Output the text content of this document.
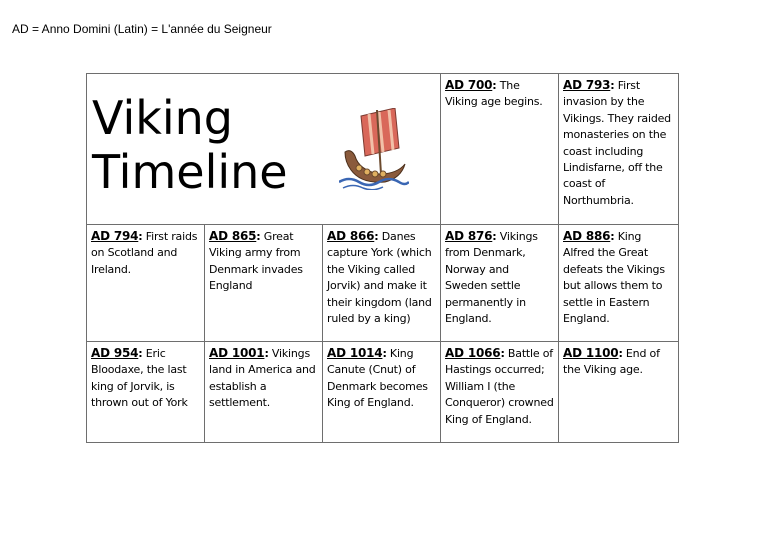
AD = Anno Domini (Latin) = L'année du Seigneur
Viking
Timeline			AD 700: The Viking age begins.	AD 793: First invasion by the Vikings. They raided monasteries on the coast including Lindisfarne, off the coast of Northumbria.
AD 794: First raids on Scotland and Ireland.	AD 865: Great Viking army from Denmark invades England	AD 866: Danes capture York (which the Viking called Jorvik) and make it their kingdom (land ruled by a king)	AD 876: Vikings from Denmark, Norway and Sweden settle permanently in England.	AD 886: King Alfred the Great defeats the Vikings but allows them to settle in Eastern England.
AD 954: Eric Bloodaxe, the last king of Jorvik, is thrown out of York	AD 1001: Vikings land in America and establish a settlement.	AD 1014: King Canute (Cnut) of Denmark becomes King of England.	AD 1066: Battle of Hastings occurred; William I (the Conqueror) crowned King of England.	AD 1100: End of the Viking age.
